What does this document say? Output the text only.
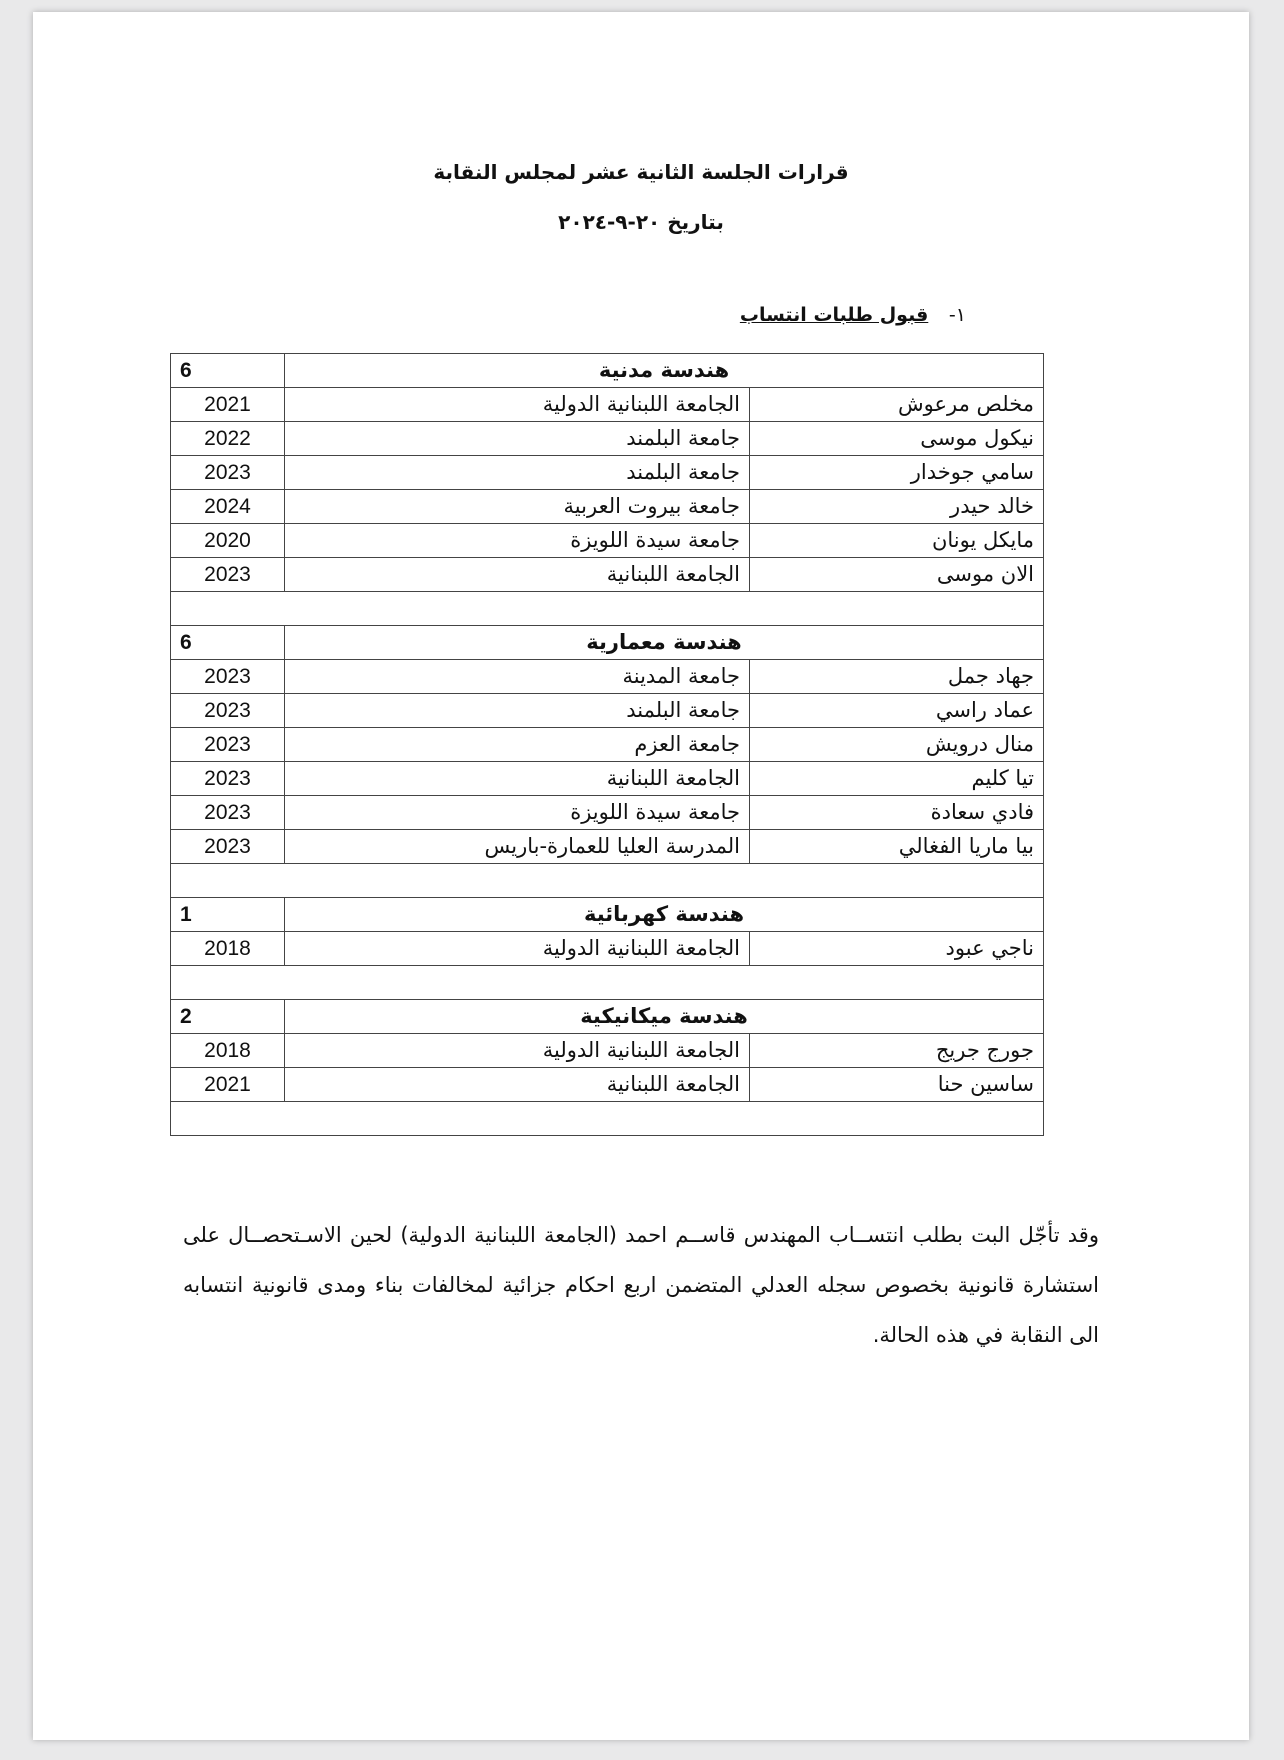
قرارات الجلسة الثانية عشر لمجلس النقابة
بتاريخ ٢٠-٩-٢٠٢٤
١- قبول طلبات انتساب
6	هندسة مدنية	
2021	الجامعة اللبنانية الدولية	مخلص مرعوش
2022	جامعة البلمند	نيكول موسى
2023	جامعة البلمند	سامي جوخدار
2024	جامعة بيروت العربية	خالد حيدر
2020	جامعة سيدة اللويزة	مايكل يونان
2023	الجامعة اللبنانية	الان موسى

6	هندسة معمارية	
2023	جامعة المدينة	جهاد جمل
2023	جامعة البلمند	عماد راسي
2023	جامعة العزم	منال درويش
2023	الجامعة اللبنانية	تيا كليم
2023	جامعة سيدة اللويزة	فادي سعادة
2023	المدرسة العليا للعمارة-باريس	بيا ماريا الفغالي

1	هندسة كهربائية	
2018	الجامعة اللبنانية الدولية	ناجي عبود

2	هندسة ميكانيكية	
2018	الجامعة اللبنانية الدولية	جورج جريج
2021	الجامعة اللبنانية	ساسين حنا

وقد تأجّل البت بطلب انتســاب المهندس قاســم احمد (الجامعة اللبنانية الدولية) لحين الاسـتحصــال على استشارة قانونية بخصوص سجله العدلي المتضمن اربع احكام جزائية لمخالفات بناء ومدى قانونية انتسابه الى النقابة في هذه الحالة.
